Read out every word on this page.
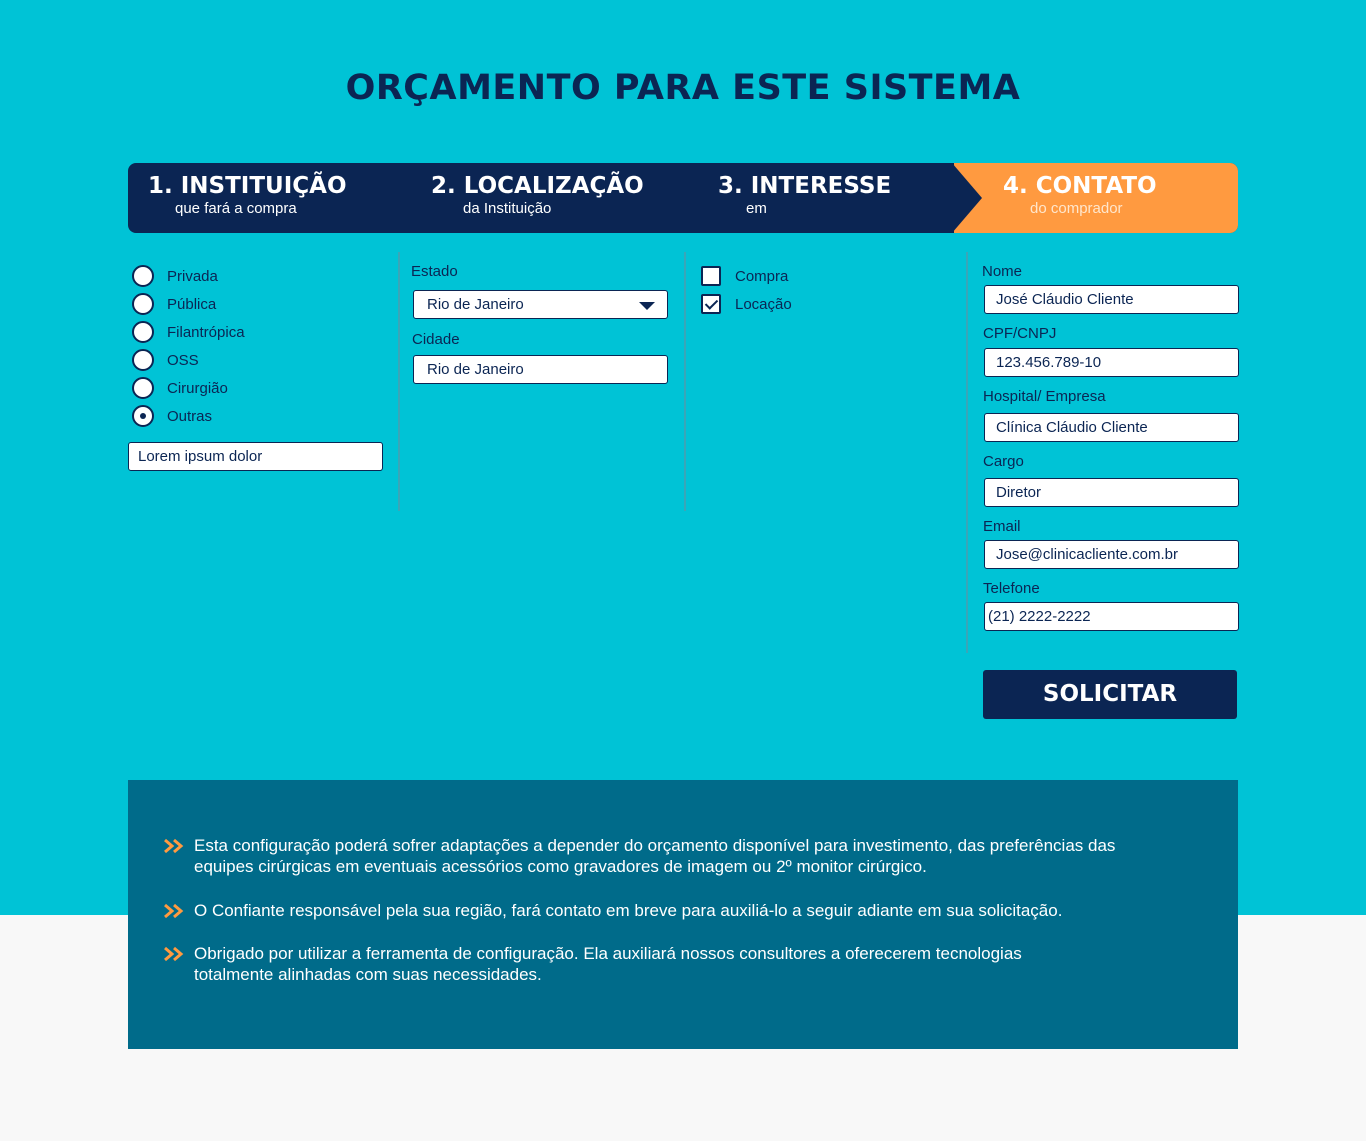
ORÇAMENTO PARA ESTE SISTEMA
1. INSTITUIÇÃO
que fará a compra
2. LOCALIZAÇÃO
da Instituição
3. INTERESSE
em
4. CONTATO
do comprador
Privada
Pública
Filantrópica
OSS
Cirurgião
Outras
Lorem ipsum dolor
Estado
Rio de Janeiro
Cidade
Rio de Janeiro
Compra
Locação
Nome
José Cláudio Cliente
CPF/CNPJ
123.456.789-10
Hospital/ Empresa
Clínica Cláudio Cliente
Cargo
Diretor
Email
Jose@clinicacliente.com.br
Telefone
(21) 2222-2222
SOLICITAR
Esta configuração poderá sofrer adaptações a depender do orçamento disponível para investimento, das preferências das equipes cirúrgicas em eventuais acessórios como gravadores de imagem ou 2º monitor cirúrgico.
O Confiante responsável pela sua região, fará contato em breve para auxiliá-lo a seguir adiante em sua solicitação.
Obrigado por utilizar a ferramenta de configuração. Ela auxiliará nossos consultores a oferecerem tecnologias totalmente alinhadas com suas necessidades.
